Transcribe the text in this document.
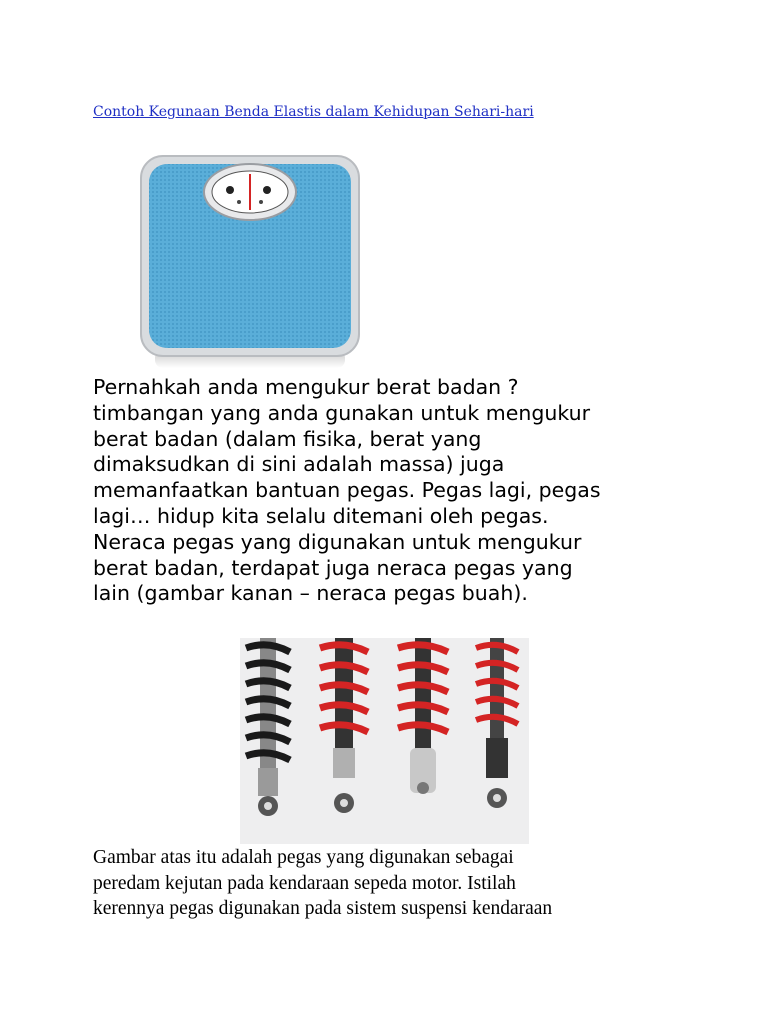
Contoh Kegunaan Benda Elastis dalam Kehidupan Sehari-hari
Pernahkah anda mengukur berat badan ?
timbangan yang anda gunakan untuk mengukur
berat badan (dalam fisika, berat yang
dimaksudkan di sini adalah massa) juga
memanfaatkan bantuan pegas. Pegas lagi, pegas
lagi… hidup kita selalu ditemani oleh pegas.
Neraca pegas yang digunakan untuk mengukur
berat badan, terdapat juga neraca pegas yang
lain (gambar kanan – neraca pegas buah).
Gambar atas itu adalah pegas yang digunakan sebagai
peredam kejutan pada kendaraan sepeda motor. Istilah
kerennya pegas digunakan pada sistem suspensi kendaraan
